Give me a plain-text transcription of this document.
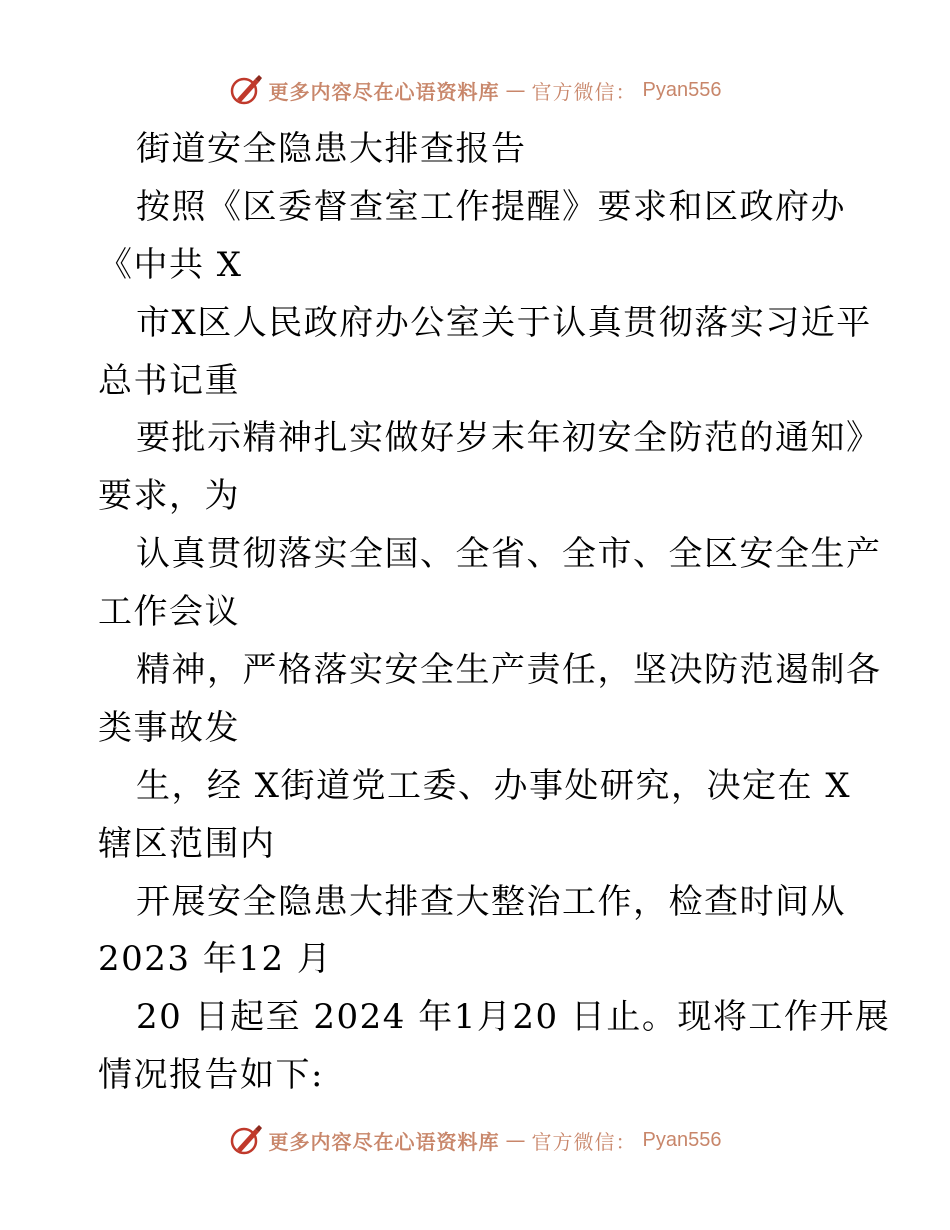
更多内容尽在心语资料库 — 官方微信： Pyan556
街道安全隐患大排查报告
按照《区委督查室工作提醒》要求和区政府办
《中共 X
市X区人民政府办公室关于认真贯彻落实习近平
总书记重
要批示精神扎实做好岁末年初安全防范的通知》
要求，为
认真贯彻落实全国、全省、全市、全区安全生产
工作会议
精神，严格落实安全生产责任，坚决防范遏制各
类事故发
生，经 X街道党工委、办事处研究，决定在 X
辖区范围内
开展安全隐患大排查大整治工作，检查时间从
2023 年12 月
20 日起至 2024 年1月20 日止。现将工作开展
情况报告如下:
更多内容尽在心语资料库 — 官方微信： Pyan556
